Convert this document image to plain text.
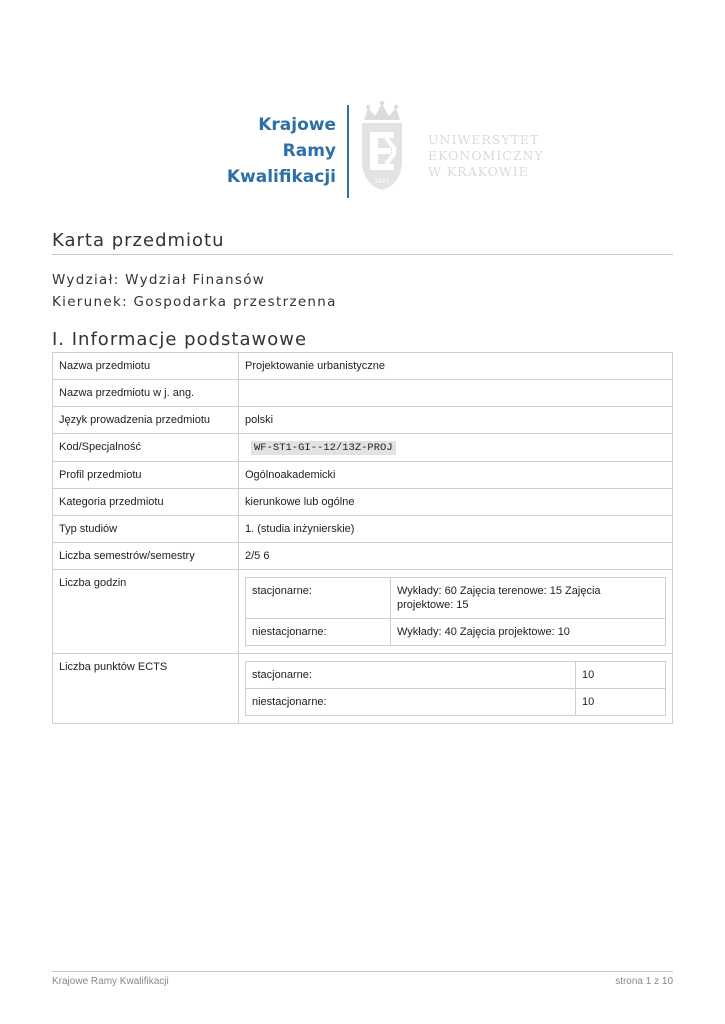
Krajowe
Ramy
Kwalifikacji	1925
UNIWERSYTET
EKONOMICZNY
W KRAKOWIE
Karta przedmiotu
Wydział: Wydział Finansów
Kierunek: Gospodarka przestrzenna
I. Informacje podstawowe
Nazwa przedmiotu	Projektowanie urbanistyczne
Nazwa przedmiotu w j. ang.	
Język prowadzenia przedmiotu	polski
Kod/Specjalność	WF-ST1-GI--12/13Z-PROJ
Profil przedmiotu	Ogólnoakademicki
Kategoria przedmiotu	kierunkowe lub ogólne
Typ studiów	1. (studia inżynierskie)
Liczba semestrów/semestry	2/5 6
Liczba godzin	
stacjonarne:	Wykłady: 60 Zajęcia terenowe: 15 Zajęcia projektowe: 15
niestacjonarne:	Wykłady: 40 Zajęcia projektowe: 10

Liczba punktów ECTS	
stacjonarne:	10
niestacjonarne:	10
Krajowe Ramy Kwalifikacji	strona 1 z 10
